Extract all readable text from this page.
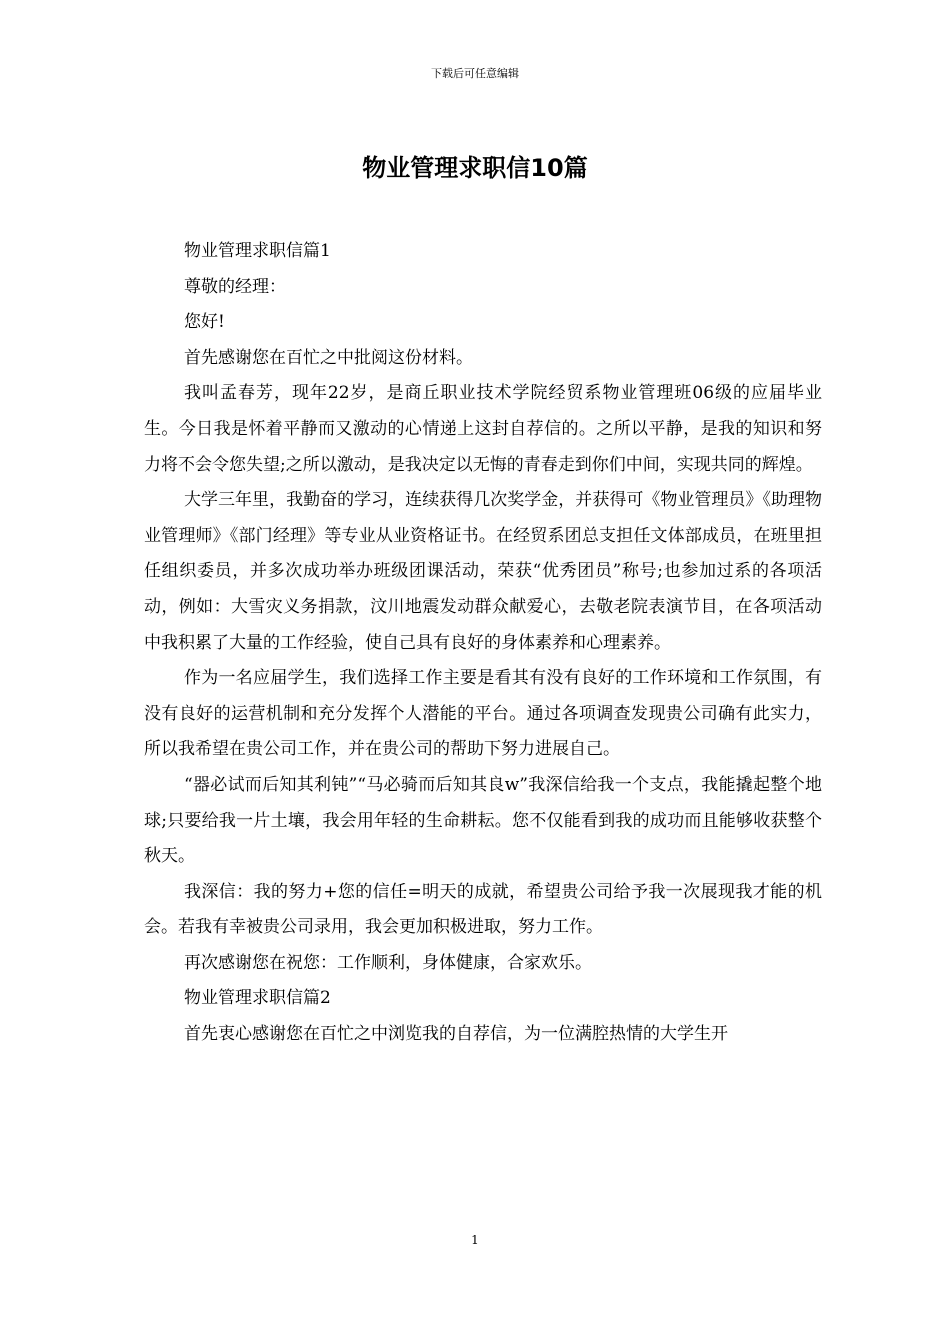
下载后可任意编辑
物业管理求职信10篇

物业管理求职信篇1

尊敬的经理：

您好!

首先感谢您在百忙之中批阅这份材料。

我叫孟春芳，现年22岁，是商丘职业技术学院经贸系物业管理班06级的应届毕业生。今日我是怀着平静而又激动的心情递上这封自荐信的。之所以平静，是我的知识和努力将不会令您失望;之所以激动，是我决定以无悔的青春走到你们中间，实现共同的辉煌。

大学三年里，我勤奋的学习，连续获得几次奖学金，并获得可《物业管理员》《助理物业管理师》《部门经理》等专业从业资格证书。在经贸系团总支担任文体部成员，在班里担任组织委员，并多次成功举办班级团课活动，荣获“优秀团员”称号;也参加过系的各项活动，例如：大雪灾义务捐款，汶川地震发动群众献爱心，去敬老院表演节目，在各项活动中我积累了大量的工作经验，使自己具有良好的身体素养和心理素养。

作为一名应届学生，我们选择工作主要是看其有没有良好的工作环境和工作氛围，有没有良好的运营机制和充分发挥个人潜能的平台。通过各项调查发现贵公司确有此实力，所以我希望在贵公司工作，并在贵公司的帮助下努力进展自己。

“器必试而后知其利钝”“马必骑而后知其良w”我深信给我一个支点，我能撬起整个地球;只要给我一片土壤，我会用年轻的生命耕耘。您不仅能看到我的成功而且能够收获整个秋天。

我深信：我的努力+您的信任=明天的成就，希望贵公司给予我一次展现我才能的机会。若我有幸被贵公司录用，我会更加积极进取，努力工作。

再次感谢您在祝您：工作顺利，身体健康，合家欢乐。

物业管理求职信篇2

首先衷心感谢您在百忙之中浏览我的自荐信，为一位满腔热情的大学生开

1
